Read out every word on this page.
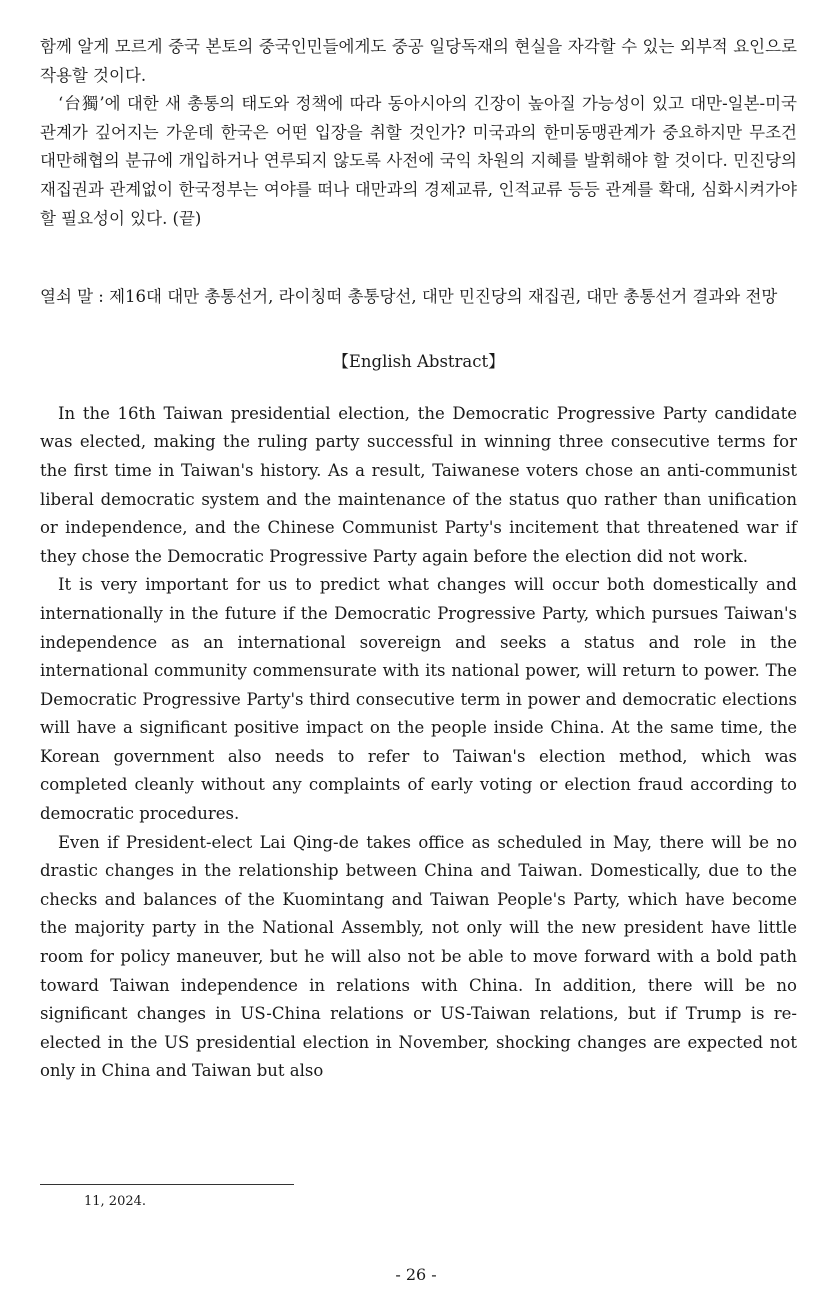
함께 알게 모르게 중국 본토의 중국인민들에게도 중공 일당독재의 현실을 자각할 수 있는 외부적 요인으로 작용할 것이다.

‘台獨’에 대한 새 총통의 태도와 정책에 따라 동아시아의 긴장이 높아질 가능성이 있고 대만-일본-미국관계가 깊어지는 가운데 한국은 어떤 입장을 취할 것인가? 미국과의 한미동맹관계가 중요하지만 무조건 대만해협의 분규에 개입하거나 연루되지 않도록 사전에 국익 차원의 지혜를 발휘해야 할 것이다. 민진당의 재집권과 관계없이 한국정부는 여야를 떠나 대만과의 경제교류, 인적교류 등등 관계를 확대, 심화시켜가야 할 필요성이 있다. (끝)

열쇠 말 : 제16대 대만 총통선거, 라이칭떠 총통당선, 대만 민진당의 재집권, 대만 총통선거 결과와 전망

【English Abstract】

In the 16th Taiwan presidential election, the Democratic Progressive Party candidate was elected, making the ruling party successful in winning three consecutive terms for the first time in Taiwan's history. As a result, Taiwanese voters chose an anti-communist liberal democratic system and the maintenance of the status quo rather than unification or independence, and the Chinese Communist Party's incitement that threatened war if they chose the Democratic Progressive Party again before the election did not work.

It is very important for us to predict what changes will occur both domestically and internationally in the future if the Democratic Progressive Party, which pursues Taiwan's independence as an international sovereign and seeks a status and role in the international community commensurate with its national power, will return to power. The Democratic Progressive Party's third consecutive term in power and democratic elections will have a significant positive impact on the people inside China. At the same time, the Korean government also needs to refer to Taiwan's election method, which was completed cleanly without any complaints of early voting or election fraud according to democratic procedures.

Even if President-elect Lai Qing-de takes office as scheduled in May, there will be no drastic changes in the relationship between China and Taiwan. Domestically, due to the checks and balances of the Kuomintang and Taiwan People's Party, which have become the majority party in the National Assembly, not only will the new president have little room for policy maneuver, but he will also not be able to move forward with a bold path toward Taiwan independence in relations with China. In addition, there will be no significant changes in US-China relations or US-Taiwan relations, but if Trump is re-elected in the US presidential election in November, shocking changes are expected not only in China and Taiwan but also

11, 2024.
- 26 -
